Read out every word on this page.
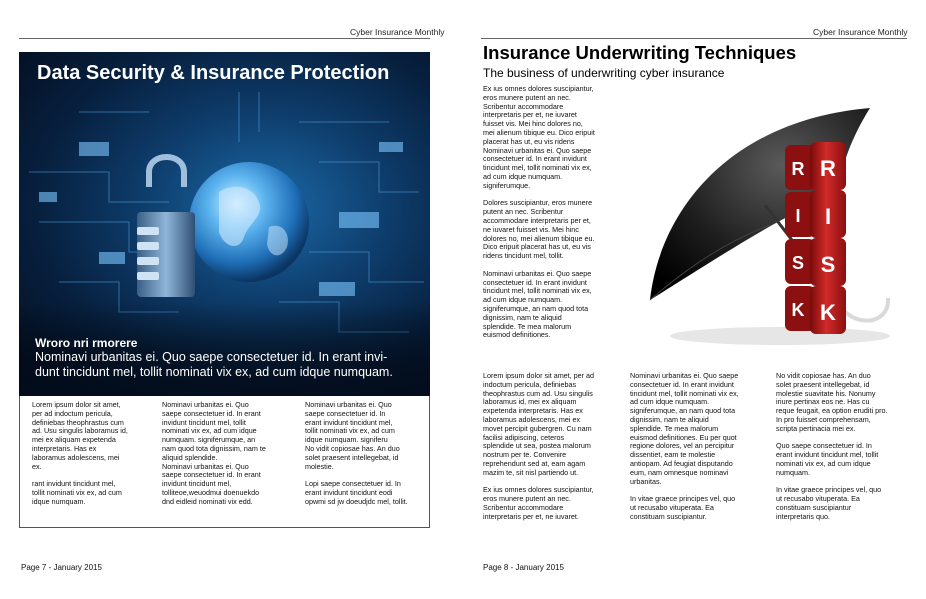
Cyber Insurance Monthly
Data Security & Insurance Protection
Wroro nri rmorere
Nominavi urbanitas ei. Quo saepe consectetuer id. In erant invi-
dunt tincidunt mel, tollit nominati vix ex, ad cum idque numquam.
Lorem ipsum dolor sit amet,
per ad indoctum pericula,
definiebas theophrastus cum
ad. Usu singulis laboramus id,
mei ex aliquam expetenda
interpretaris. Has ex
laboramus adolescens, mei
ex.

rant invidunt tincidunt mel,
tollit nominati vix ex, ad cum
idque numquam.
Nominavi urbanitas ei. Quo
saepe consectetuer id. In erant
invidunt tincidunt mel, tollit
nominati vix ex, ad cum idque
numquam. signiferumque, an
nam quod tota dignissim, nam te
aliquid splendide.
Nominavi urbanitas ei. Quo
saepe consectetuer id. In erant
invidunt tincidunt mel,
tolliteoe,weuodmui doenuekdo
dnd eidleid nominati vix edd.
Nominavi urbanitas ei. Quo
saepe consectetuer id. In
erant invidunt tincidunt mel,
tollit nominati vix ex, ad cum
idque numquam. signiferu
No vidit copiosae has. An duo
solet praesent intellegebat, id
molestie.

Lopi saepe consectetuer id. In
erant invidunt tincidunt eodi
opwmi sd jw doeudjdc mel, tollit.
Page 7 - January 2015
Cyber Insurance Monthly
Insurance Underwriting Techniques
The business of underwriting cyber insurance
Ex ius omnes dolores suscipiantur,
eros munere putent an nec.
Scribentur accommodare
interpretaris per et, ne iuvaret
fuisset vis. Mei hinc dolores no,
mei alienum tibique eu. Dico eripuit
placerat has ut, eu vis ridens
Nominavi urbanitas ei. Quo saepe
consectetuer id. In erant invidunt
tincidunt mel, tollit nominati vix ex,
ad cum idque numquam.
signiferumque.

Dolores suscipiantur, eros munere
putent an nec. Scribentur
accommodare interpretaris per et,
ne iuvaret fuisset vis. Mei hinc
dolores no, mei alienum tibique eu.
Dico eripuit placerat has ut, eu vis
ridens tincidunt mel, tollit.

Nominavi urbanitas ei. Quo saepe
consectetuer id. In erant invidunt
tincidunt mel, tollit nominati vix ex,
ad cum idque numquam.
signiferumque, an nam quod tota
dignissim, nam te aliquid
splendide. Te mea malorum
euismod definitiones.
R R
I I
S S
K K
Lorem ipsum dolor sit amet, per ad
indoctum pericula, definiebas
theophrastus cum ad. Usu singulis
laboramus id, mei ex aliquam
expetenda interpretaris. Has ex
laboramus adolescens, mei ex
movet percipit gubergren. Cu nam
facilisi adipiscing, ceteros
splendide ut sea, postea malorum
nostrum per te. Convenire
reprehendunt sed at, eam agam
mazim te, sit nisl partiendo ut.

Ex ius omnes dolores suscipiantur,
eros munere putent an nec.
Scribentur accommodare
interpretaris per et, ne iuvaret.
Nominavi urbanitas ei. Quo saepe
consectetuer id. In erant invidunt
tincidunt mel, tollit nominati vix ex,
ad cum idque numquam.
signiferumque, an nam quod tota
dignissim, nam te aliquid
splendide. Te mea malorum
euismod definitiones. Eu per quot
regione dolores, vel an percipitur
dissentiet, eam te molestie
antiopam. Ad feugiat disputando
eum, nam omnesque nominavi
urbanitas.

In vitae graece principes vel, quo
ut recusabo vituperata. Ea
constituam suscipiantur.
No vidit copiosae has. An duo
solet praesent intellegebat, id
molestie suavitate his. Nonumy
iriure pertinax eos ne. Has cu
reque feugait, ea option eruditi pro.
In pro fuisset comprehensam,
scripta pertinacia mei ex.

Quo saepe consectetuer id. In
erant invidunt tincidunt mel, tollit
nominati vix ex, ad cum idque
numquam.

In vitae graece principes vel, quo
ut recusabo vituperata. Ea
constituam suscipiantur
interpretaris quo.
Page 8 - January 2015
